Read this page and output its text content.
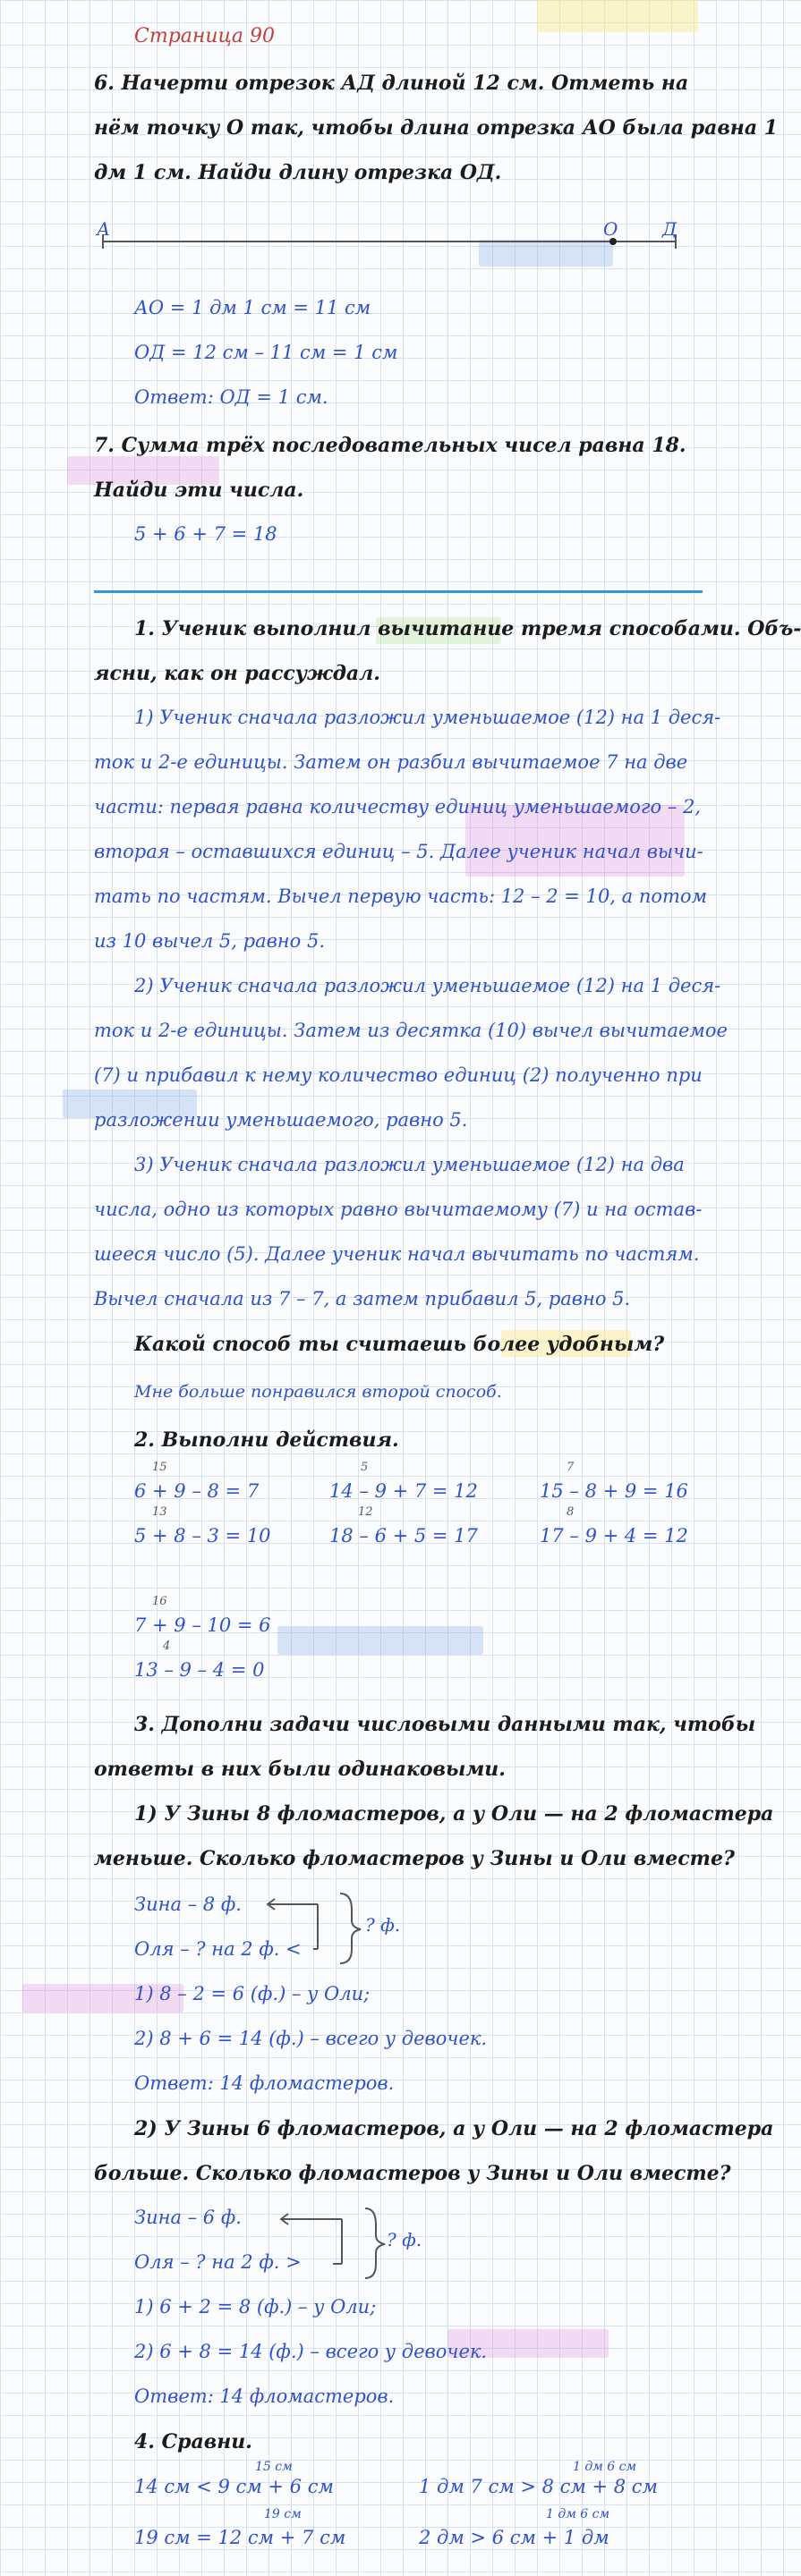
Страница 90
6. Начерти отрезок АД длиной 12 см. Отметь на
нём точку О так, чтобы длина отрезка АО была равна 1
дм 1 см. Найди длину отрезка ОД.
А	О Д
АО = 1 дм 1 см = 11 см
ОД = 12 см – 11 см = 1 см
Ответ: ОД = 1 см.
7. Сумма трёх последовательных чисел равна 18.
Найди эти числа.
5 + 6 + 7 = 18
1. Ученик выполнил вычитание тремя способами. Объ-
ясни, как он рассуждал.
1) Ученик сначала разложил уменьшаемое (12) на 1 деся-
ток и 2-е единицы. Затем он разбил вычитаемое 7 на две
части: первая равна количеству единиц уменьшаемого – 2,
вторая – оставшихся единиц – 5. Далее ученик начал вычи-
тать по частям. Вычел первую часть: 12 – 2 = 10, а потом
из 10 вычел 5, равно 5.
2) Ученик сначала разложил уменьшаемое (12) на 1 деся-
ток и 2-е единицы. Затем из десятка (10) вычел вычитаемое
(7) и прибавил к нему количество единиц (2) полученно при
разложении уменьшаемого, равно 5.
3) Ученик сначала разложил уменьшаемое (12) на два
числа, одно из которых равно вычитаемому (7) и на остав-
шееся число (5). Далее ученик начал вычитать по частям.
Вычел сначала из 7 – 7, а затем прибавил 5, равно 5.
Какой способ ты считаешь более удобным?
Мне больше понравился второй способ.
2. Выполни действия.
15
6 + 9 – 8 = 7
13
5 + 8 – 3 = 10
5
14 – 9 + 7 = 12
12
18 – 6 + 5 = 17
7
15 – 8 + 9 = 16
8
17 – 9 + 4 = 12
16
7 + 9 – 10 = 6
4
13 – 9 – 4 = 0
3. Дополни задачи числовыми данными так, чтобы
ответы в них были одинаковыми.
1) У Зины 8 фломастеров, а у Оли — на 2 фломастера
меньше. Сколько фломастеров у Зины и Оли вместе?
Зина – 8 ф.
Оля – ? на 2 ф. <
? ф.
1) 8 – 2 = 6 (ф.) – у Оли;
2) 8 + 6 = 14 (ф.) – всего у девочек.
Ответ: 14 фломастеров.
2) У Зины 6 фломастеров, а у Оли — на 2 фломастера
больше. Сколько фломастеров у Зины и Оли вместе?
Зина – 6 ф.
Оля – ? на 2 ф. >
? ф.
1) 6 + 2 = 8 (ф.) – у Оли;
2) 6 + 8 = 14 (ф.) – всего у девочек.
Ответ: 14 фломастеров.
4. Сравни.
15 см
14 см < 9 см + 6 см
19 см
19 см = 12 см + 7 см
1 дм 6 см
1 дм 7 см > 8 см + 8 см
1 дм 6 см
2 дм > 6 см + 1 дм
